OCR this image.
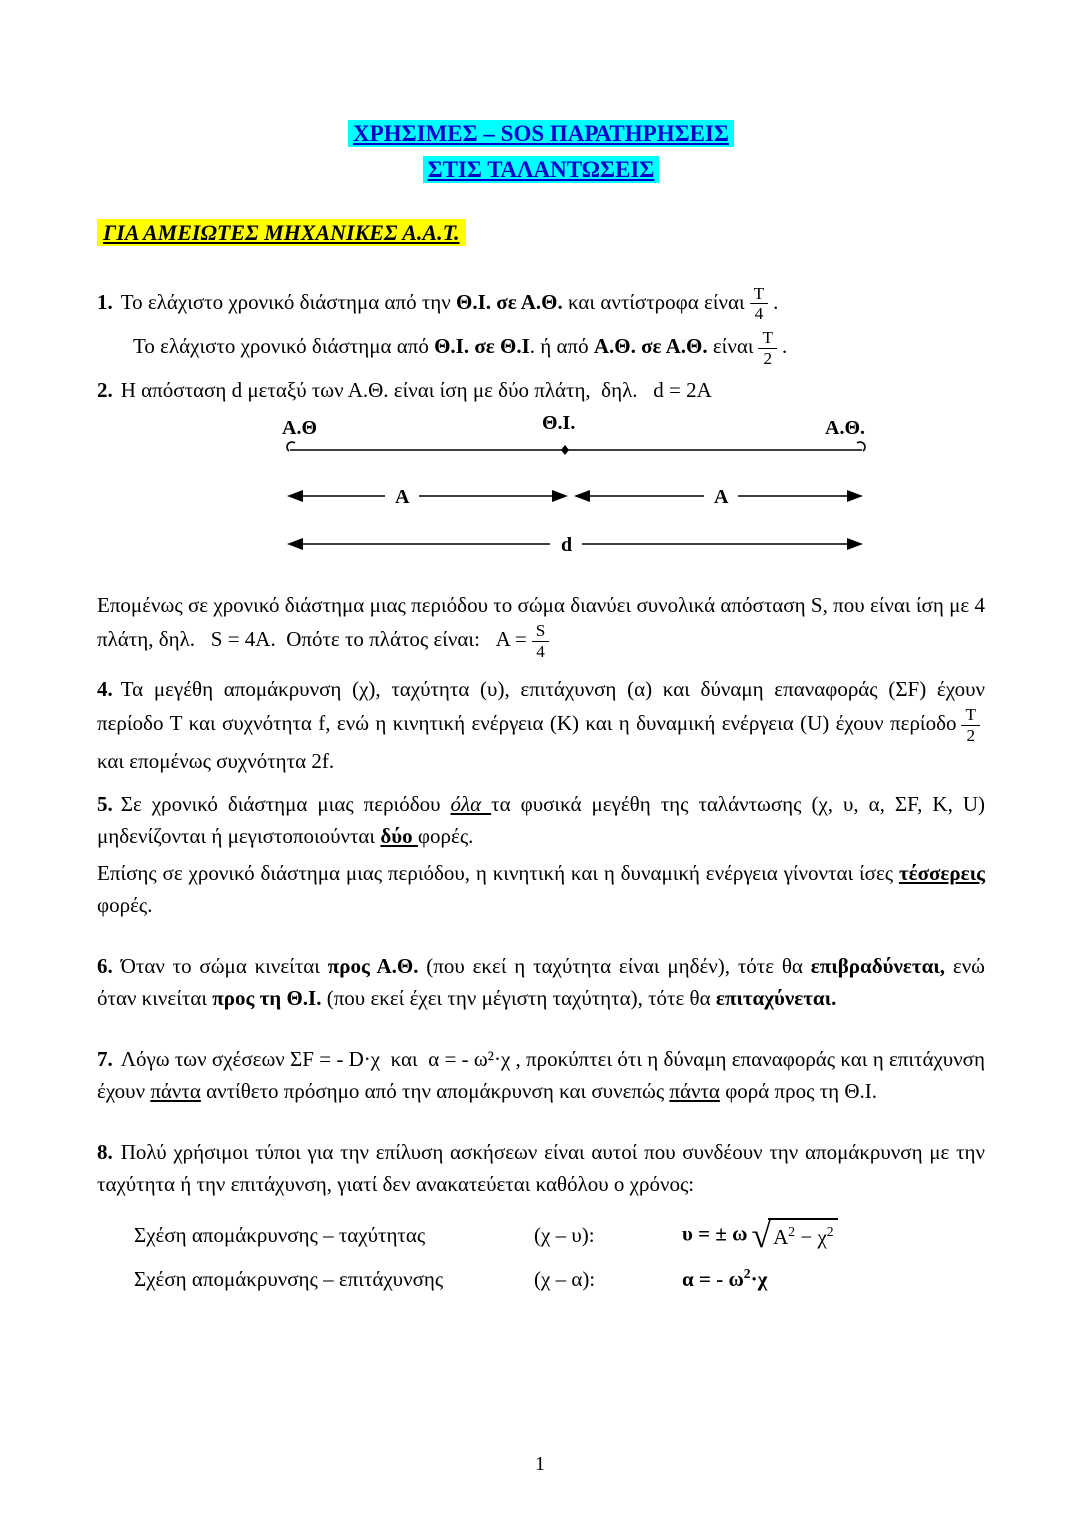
ΧΡΗΣΙΜΕΣ – SOS ΠΑΡΑΤΗΡΗΣΕΙΣ
ΣΤΙΣ ΤΑΛΑΝΤΩΣΕΙΣ
ΓΙΑ ΑΜΕΙΩΤΕΣ ΜΗΧΑΝΙΚΕΣ Α.Α.Τ.
1. Το ελάχιστο χρονικό διάστημα από την Θ.Ι. σε Α.Θ. και αντίστροφα είναι $\frac{T}{4}$ .
Το ελάχιστο χρονικό διάστημα από Θ.Ι. σε Θ.Ι. ή από Α.Θ. σε Α.Θ. είναι $\frac{T}{2}$ .
2. Η απόσταση d μεταξύ των Α.Θ. είναι ίση με δύο πλάτη,  δηλ.   d = 2A
Α.Θ	Θ.Ι.	Α.Θ.
A	A
d
Επομένως σε χρονικό διάστημα μιας περιόδου το σώμα διανύει συνολικά απόσταση S, που είναι ίση με 4 πλάτη, δηλ.   S = 4A.  Οπότε το πλάτος είναι:   $A = \frac{S}{4}$
4. Τα μεγέθη απομάκρυνση (χ), ταχύτητα (υ), επιτάχυνση (α) και δύναμη επαναφοράς (ΣF) έχουν περίοδο T και συχνότητα f, ενώ η κινητική ενέργεια (K) και η δυναμική ενέργεια (U) έχουν περίοδο $\frac{T}{2}$
και επομένως συχνότητα 2f.
5. Σε χρονικό διάστημα μιας περιόδου όλα τα φυσικά μεγέθη της ταλάντωσης (χ, υ, α, ΣF, K, U) μηδενίζονται ή μεγιστοποιούνται δύο φορές.
Επίσης σε χρονικό διάστημα μιας περιόδου, η κινητική και η δυναμική ενέργεια γίνονται ίσες τέσσερεις φορές.
6. Όταν το σώμα κινείται προς Α.Θ. (που εκεί η ταχύτητα είναι μηδέν), τότε θα επιβραδύνεται, ενώ όταν κινείται προς τη Θ.Ι. (που εκεί έχει την μέγιστη ταχύτητα), τότε θα επιταχύνεται.
7. Λόγω των σχέσεων ΣF = - D·χ  και  α = - ω²·χ , προκύπτει ότι η δύναμη επαναφοράς και η επιτάχυνση έχουν πάντα αντίθετο πρόσημο από την απομάκρυνση και συνεπώς πάντα φορά προς τη Θ.Ι.
8. Πολύ χρήσιμοι τύποι για την επίλυση ασκήσεων είναι αυτοί που συνδέουν την απομάκρυνση με την ταχύτητα ή την επιτάχυνση, γιατί δεν ανακατεύεται καθόλου ο χρόνος:
Σχέση απομάκρυνσης – ταχύτητας	(χ – υ):	υ = ± ω √ $A^2 - \chi^2$
Σχέση απομάκρυνσης – επιτάχυνσης	(χ – α):	α = - $\omega^2\cdot\chi$
1
